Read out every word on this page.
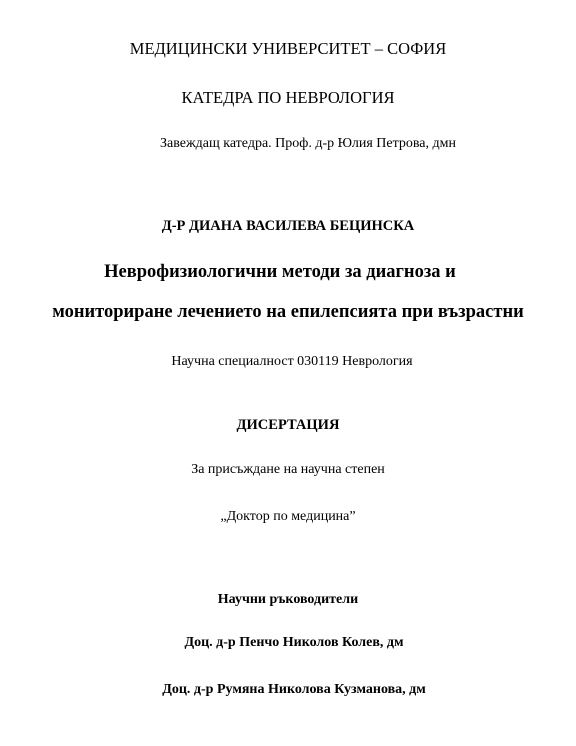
МЕДИЦИНСКИ УНИВЕРСИТЕТ – СОФИЯ
КАТЕДРА ПО НЕВРОЛОГИЯ
Завеждащ катедра. Проф. д-р Юлия Петрова, дмн
Д-Р ДИАНА ВАСИЛЕВА БЕЦИНСКА
Неврофизиологични методи за диагноза и
мониториране лечението на епилепсията при възрастни
Научна специалност 030119 Неврология
ДИСЕРТАЦИЯ
За присъждане на научна степен
„Доктор по медицина”
Научни ръководители
Доц. д-р Пенчо Николов Колев, дм
Доц. д-р Румяна Николова Кузманова, дм
